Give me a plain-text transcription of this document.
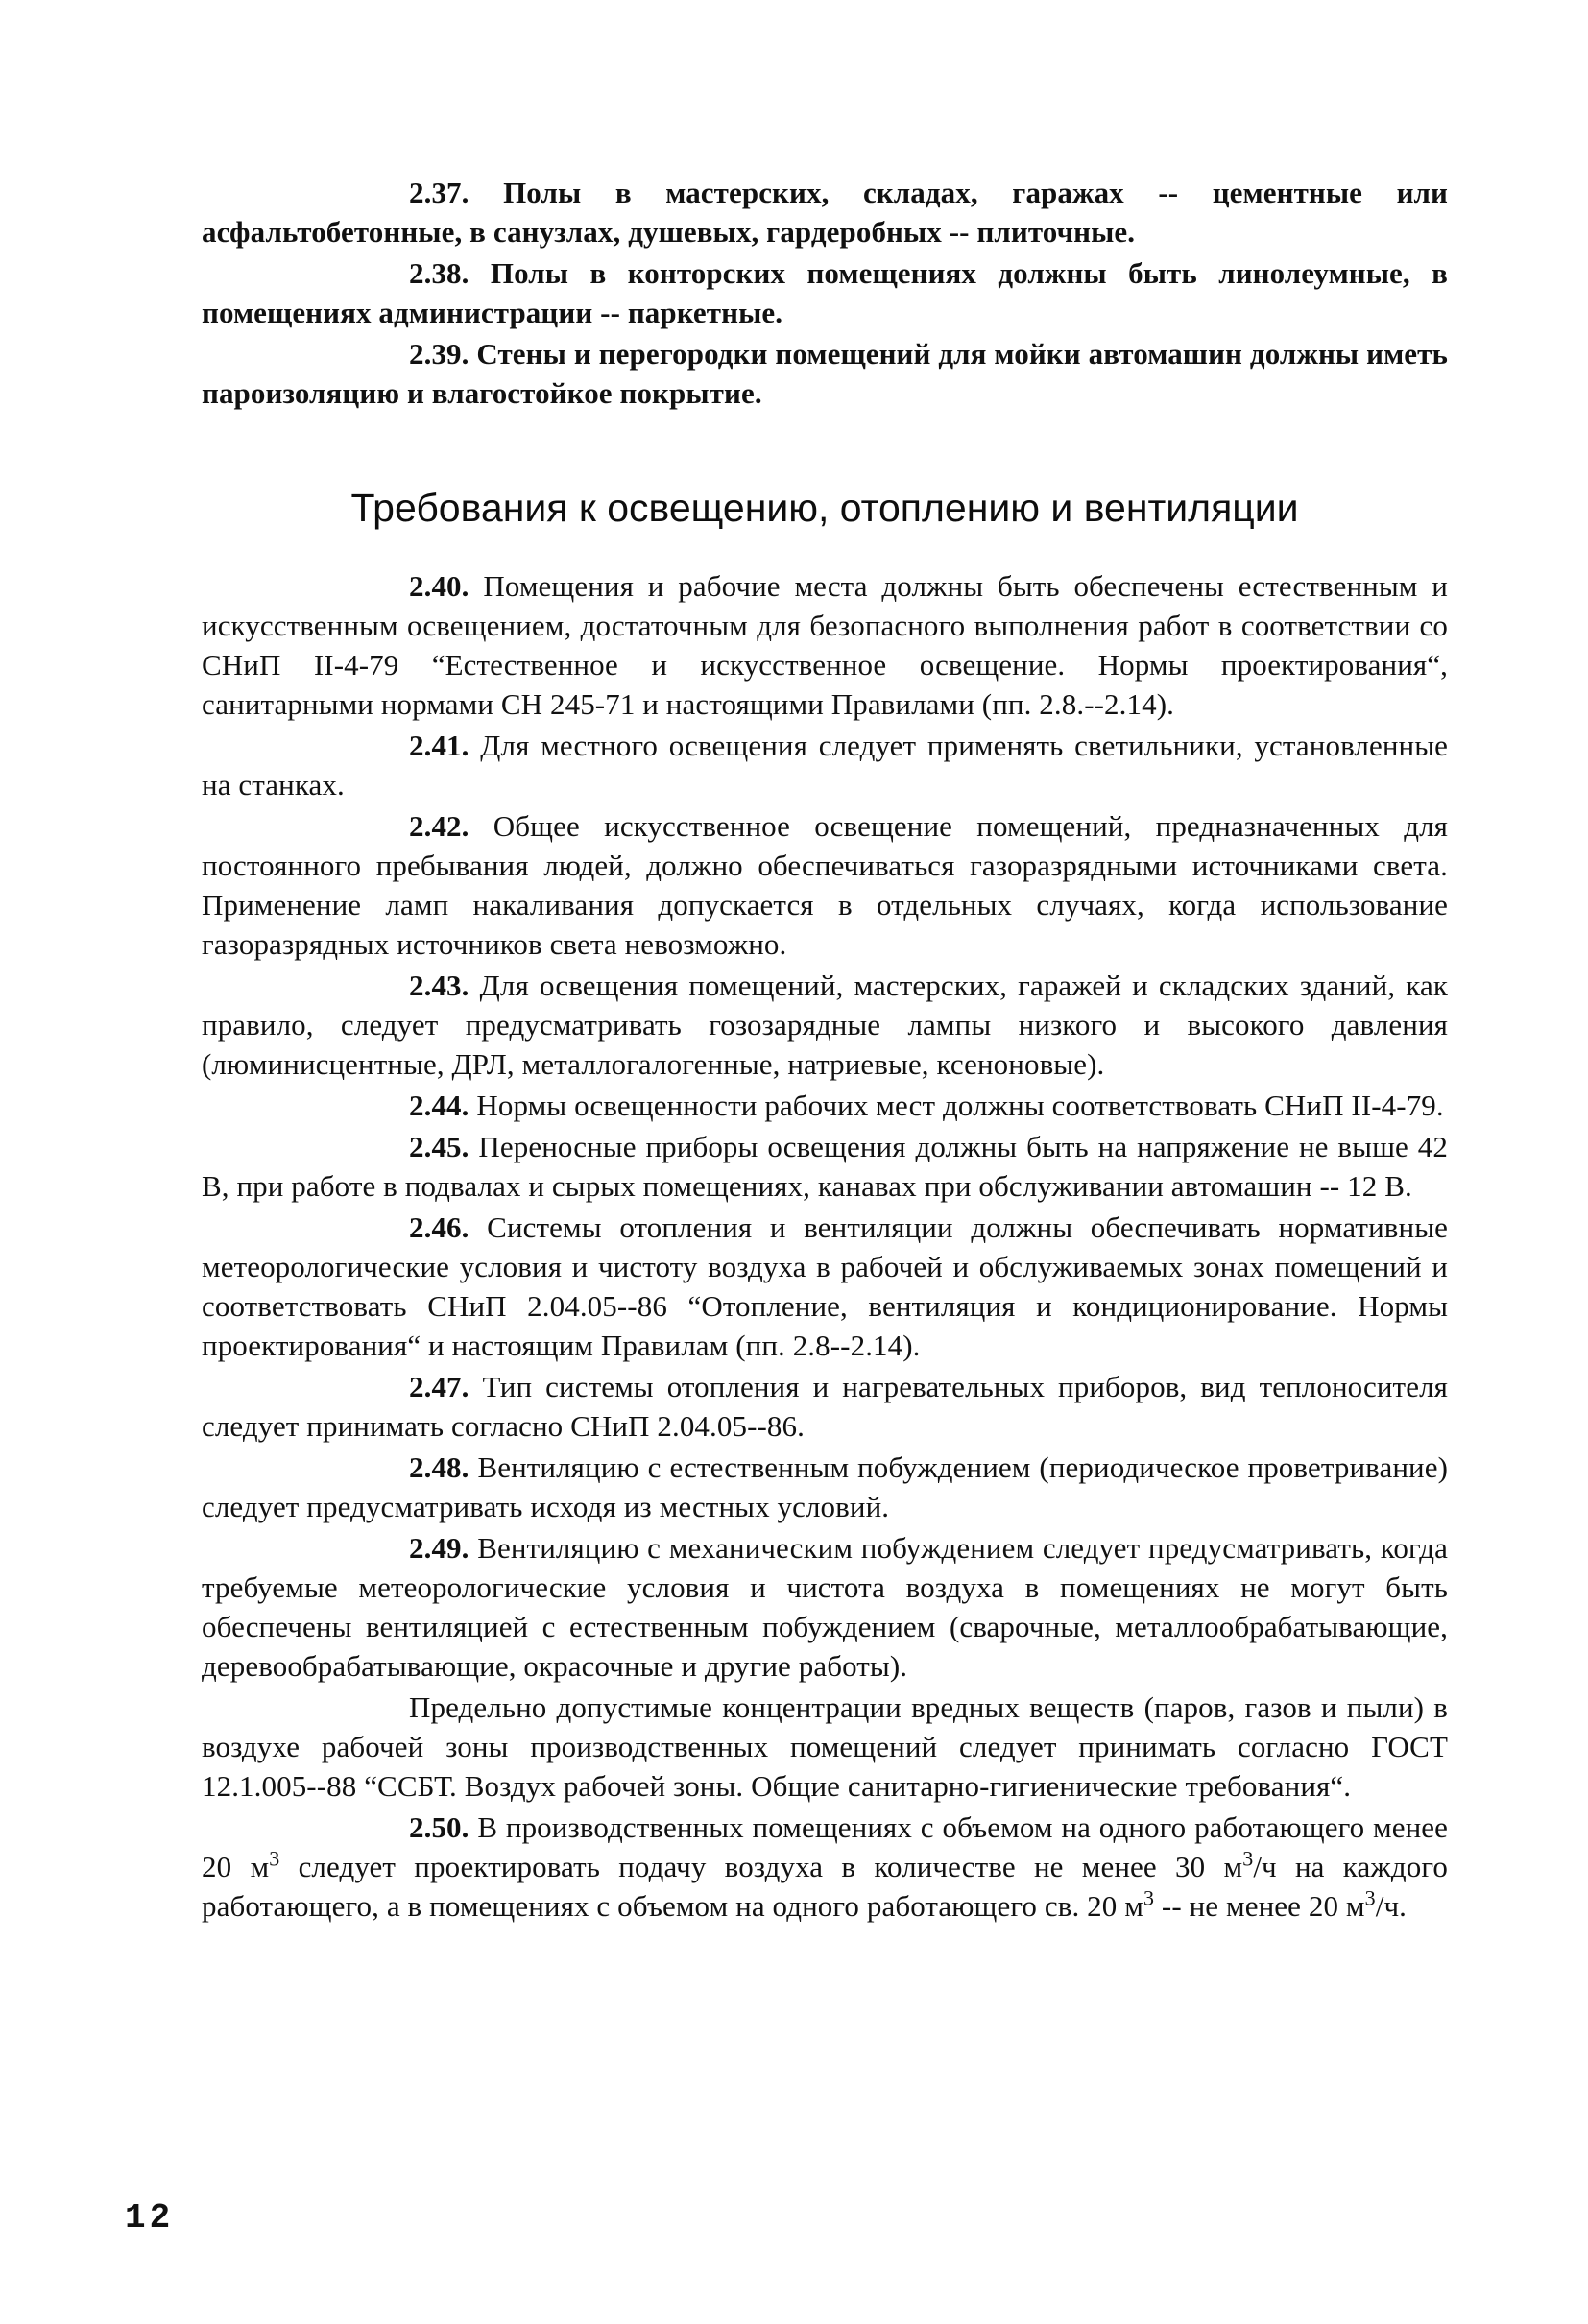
2.37. Полы в мастерских, складах, гаражах -- цементные или асфальтобетонные, в санузлах, душевых, гардеробных -- плиточные.

2.38. Полы в конторских помещениях должны быть линолеумные, в помещениях администрации -- паркетные.

2.39. Стены и перегородки помещений для мойки автомашин должны иметь пароизоляцию и влагостойкое покрытие.

Требования к освещению, отоплению и вентиляции

2.40. Помещения и рабочие места должны быть обеспечены естественным и искусственным освещением, достаточным для безопасного выполнения работ в соответствии со СНиП II-4-79 “Естественное и искусственное освещение. Нормы проектирования“, санитарными нормами СН 245-71 и настоящими Правилами (пп. 2.8.--2.14).

2.41. Для местного освещения следует применять светильники, установленные на станках.

2.42. Общее искусственное освещение помещений, предназначенных для постоянного пребывания людей, должно обеспечиваться газоразрядными источниками света. Применение ламп накаливания допускается в отдельных случаях, когда использование газоразрядных источников света невозможно.

2.43. Для освещения помещений, мастерских, гаражей и складских зданий, как правило, следует предусматривать гозозарядные лампы низкого и высокого давления (люминисцентные, ДРЛ, металлогалогенные, натриевые, ксеноновые).

2.44. Нормы освещенности рабочих мест должны соответствовать СНиП II-4-79.

2.45. Переносные приборы освещения должны быть на напряжение не выше 42 В, при работе в подвалах и сырых помещениях, канавах при обслуживании автомашин -- 12 В.

2.46. Системы отопления и вентиляции должны обеспечивать нормативные метеорологические условия и чистоту воздуха в рабочей и обслуживаемых зонах помещений и соответствовать СНиП 2.04.05--86 “Отопление, вентиляция и кондиционирование. Нормы проектирования“ и настоящим Правилам (пп. 2.8--2.14).

2.47. Тип системы отопления и нагревательных приборов, вид теплоносителя следует принимать согласно СНиП 2.04.05--86.

2.48. Вентиляцию с естественным побуждением (периодическое проветривание) следует предусматривать исходя из местных условий.

2.49. Вентиляцию с механическим побуждением следует предусматривать, когда требуемые метеорологические условия и чистота воздуха в помещениях не могут быть обеспечены вентиляцией с естественным побуждением (сварочные, металлообрабатывающие, деревообрабатывающие, окрасочные и другие работы).

Предельно допустимые концентрации вредных веществ (паров, газов и пыли) в воздухе рабочей зоны производственных помещений следует принимать согласно ГОСТ 12.1.005--88 “ССБТ. Воздух рабочей зоны. Общие санитарно-гигиенические требования“.

2.50. В производственных помещениях с объемом на одного работающего менее 20 $м^3$ следует проектировать подачу воздуха в количестве не менее 30 $м^3/ч$ на каждого работающего, а в помещениях с объемом на одного работающего св. 20 $м^3$ -- не менее 20 $м^3/ч$.

12
